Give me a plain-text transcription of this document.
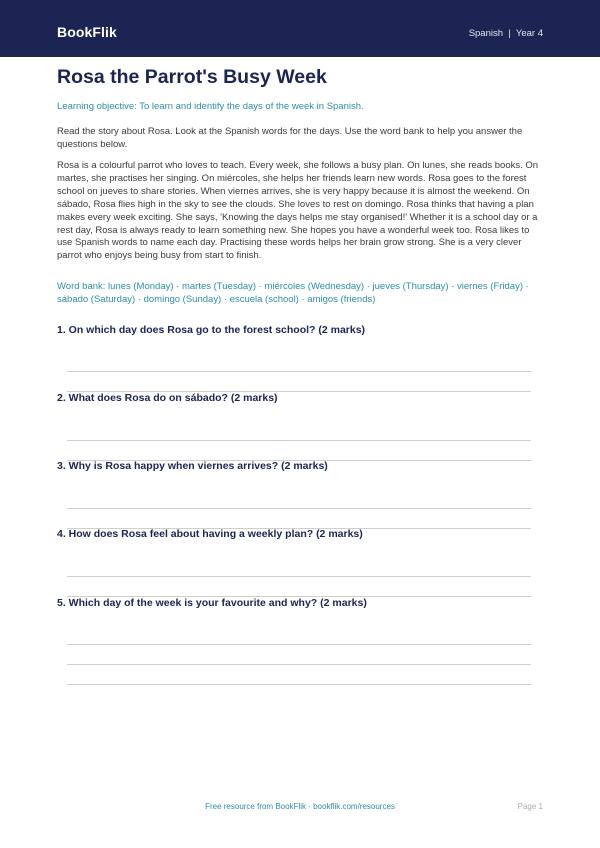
BookFlik	Spanish  |  Year 4
Rosa the Parrot's Busy Week
Learning objective: To learn and identify the days of the week in Spanish.
Read the story about Rosa. Look at the Spanish words for the days. Use the word bank to help you answer the questions below.
Rosa is a colourful parrot who loves to teach. Every week, she follows a busy plan. On lunes, she reads books. On martes, she practises her singing. On miércoles, she helps her friends learn new words. Rosa goes to the forest school on jueves to share stories. When viernes arrives, she is very happy because it is almost the weekend. On sábado, Rosa flies high in the sky to see the clouds. She loves to rest on domingo. Rosa thinks that having a plan makes every week exciting. She says, 'Knowing the days helps me stay organised!' Whether it is a school day or a rest day, Rosa is always ready to learn something new. She hopes you have a wonderful week too. Rosa likes to use Spanish words to name each day. Practising these words helps her brain grow strong. She is a very clever parrot who enjoys being busy from start to finish.
Word bank: lunes (Monday) · martes (Tuesday) · miércoles (Wednesday) · jueves (Thursday) · viernes (Friday) · sábado (Saturday) · domingo (Sunday) · escuela (school) · amigos (friends)

1. On which day does Rosa go to the forest school? (2 marks)

2. What does Rosa do on sábado? (2 marks)

3. Why is Rosa happy when viernes arrives? (2 marks)

4. How does Rosa feel about having a weekly plan? (2 marks)

5. Which day of the week is your favourite and why? (2 marks)

Free resource from BookFlik · bookflik.com/resources	Page 1
